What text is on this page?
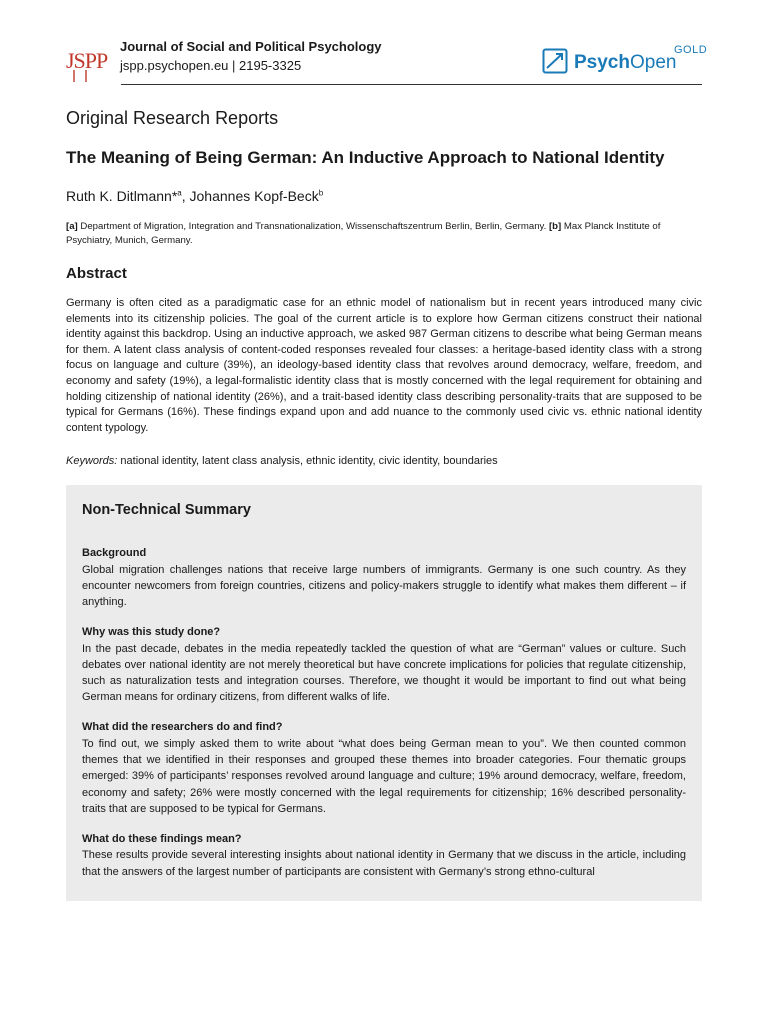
JSPP
Journal of Social and Political Psychology
jspp.psychopen.eu | 2195-3325	PsychOpen
GOLD
Original Research Reports
The Meaning of Being German: An Inductive Approach to National Identity
Ruth K. Ditlmann*$^a$, Johannes Kopf-Beck$^b$
[a] Department of Migration, Integration and Transnationalization, Wissenschaftszentrum Berlin, Berlin, Germany. [b] Max Planck Institute of Psychiatry, Munich, Germany.
Abstract
Germany is often cited as a paradigmatic case for an ethnic model of nationalism but in recent years introduced many civic elements into its citizenship policies. The goal of the current article is to explore how German citizens construct their national identity against this backdrop. Using an inductive approach, we asked 987 German citizens to describe what being German means for them. A latent class analysis of content-coded responses revealed four classes: a heritage-based identity class with a strong focus on language and culture (39%), an ideology-based identity class that revolves around democracy, welfare, freedom, and economy and safety (19%), a legal-formalistic identity class that is mostly concerned with the legal requirement for obtaining and holding citizenship of national identity (26%), and a trait-based identity class describing personality-traits that are supposed to be typical for Germans (16%). These findings expand upon and add nuance to the commonly used civic vs. ethnic national identity content typology.
Keywords: national identity, latent class analysis, ethnic identity, civic identity, boundaries
Non-Technical Summary
Background
Global migration challenges nations that receive large numbers of immigrants. Germany is one such country. As they encounter newcomers from foreign countries, citizens and policy-makers struggle to identify what makes them different – if anything.
Why was this study done?
In the past decade, debates in the media repeatedly tackled the question of what are “German” values or culture. Such debates over national identity are not merely theoretical but have concrete implications for policies that regulate citizenship, such as naturalization tests and integration courses. Therefore, we thought it would be important to find out what being German means for ordinary citizens, from different walks of life.
What did the researchers do and find?
To find out, we simply asked them to write about “what does being German mean to you”. We then counted common themes that we identified in their responses and grouped these themes into broader categories. Four thematic groups emerged: 39% of participants’ responses revolved around language and culture; 19% around democracy, welfare, freedom, economy and safety; 26% were mostly concerned with the legal requirements for citizenship; 16% described personality-traits that are supposed to be typical for Germans.
What do these findings mean?
These results provide several interesting insights about national identity in Germany that we discuss in the article, including that the answers of the largest number of participants are consistent with Germany’s strong ethno-cultural
